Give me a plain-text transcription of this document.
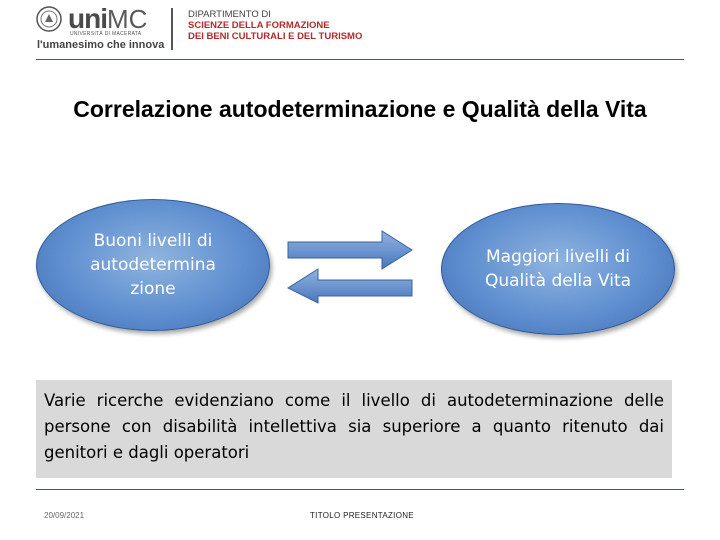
uniMC
UNIVERSITÀ DI MACERATA
l'umanesimo che innova
DIPARTIMENTO DI
SCIENZE DELLA FORMAZIONE
DEI BENI CULTURALI E DEL TURISMO
Correlazione autodeterminazione e Qualità della Vita
Buoni livelli di autodetermina zione
Maggiori livelli di Qualità della Vita

Varie ricerche evidenziano come il livello di autodeterminazione delle persone con disabilità intellettiva sia superiore a quanto ritenuto dai genitori e dagli operatori

20/09/2021	TITOLO PRESENTAZIONE
